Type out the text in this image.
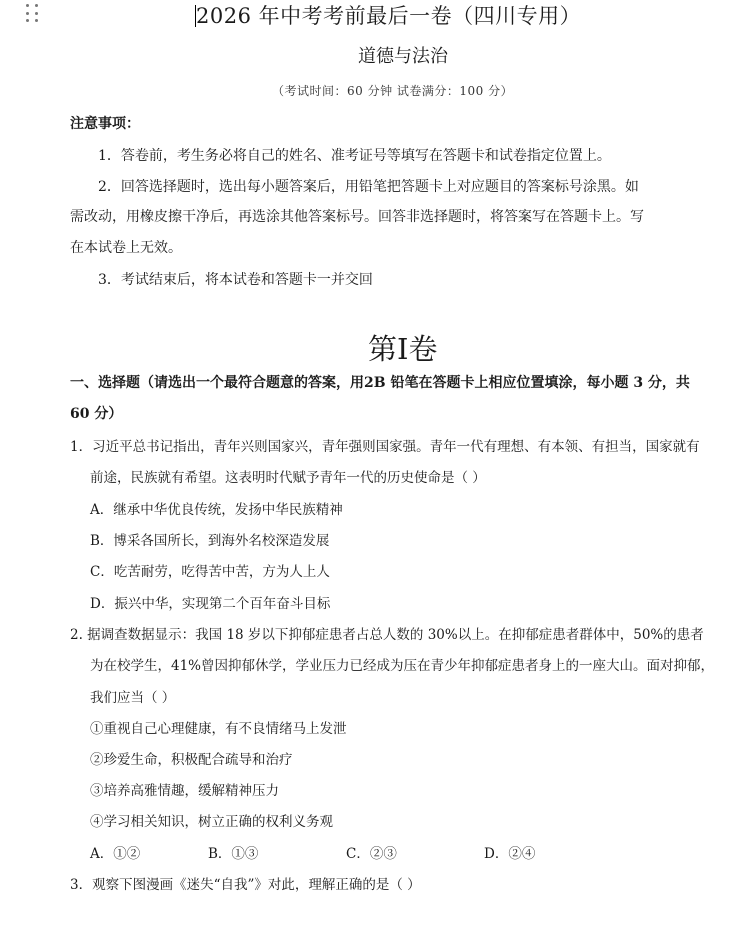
2026 年中考考前最后一卷（四川专用）
道德与法治
（考试时间：60 分钟 试卷满分：100 分）
注意事项：
1．答卷前，考生务必将自己的姓名、准考证号等填写在答题卡和试卷指定位置上。
2．回答选择题时，选出每小题答案后，用铅笔把答题卡上对应题目的答案标号涂黑。如
需改动，用橡皮擦干净后，再选涂其他答案标号。回答非选择题时，将答案写在答题卡上。写
在本试卷上无效。
3．考试结束后，将本试卷和答题卡一并交回
第I卷
一、选择题（请选出一个最符合题意的答案，用2B 铅笔在答题卡上相应位置填涂，每小题 3 分，共
60 分）
1．习近平总书记指出，青年兴则国家兴，青年强则国家强。青年一代有理想、有本领、有担当，国家就有
前途，民族就有希望。这表明时代赋予青年一代的历史使命是（ ）
A．继承中华优良传统，发扬中华民族精神
B．博采各国所长，到海外名校深造发展
C．吃苦耐劳，吃得苦中苦，方为人上人
D．振兴中华，实现第二个百年奋斗目标
2. 据调查数据显示：我国 18 岁以下抑郁症患者占总人数的 30%以上。在抑郁症患者群体中，50%的患者
为在校学生，41%曾因抑郁休学，学业压力已经成为压在青少年抑郁症患者身上的一座大山。面对抑郁，
我们应当（ ）
①重视自己心理健康，有不良情绪马上发泄
②珍爱生命，积极配合疏导和治疗
③培养高雅情趣，缓解精神压力
④学习相关知识，树立正确的权利义务观
A．①②	B．①③	C．②③	D．②④
3．观察下图漫画《迷失“自我”》对此，理解正确的是（ ）
